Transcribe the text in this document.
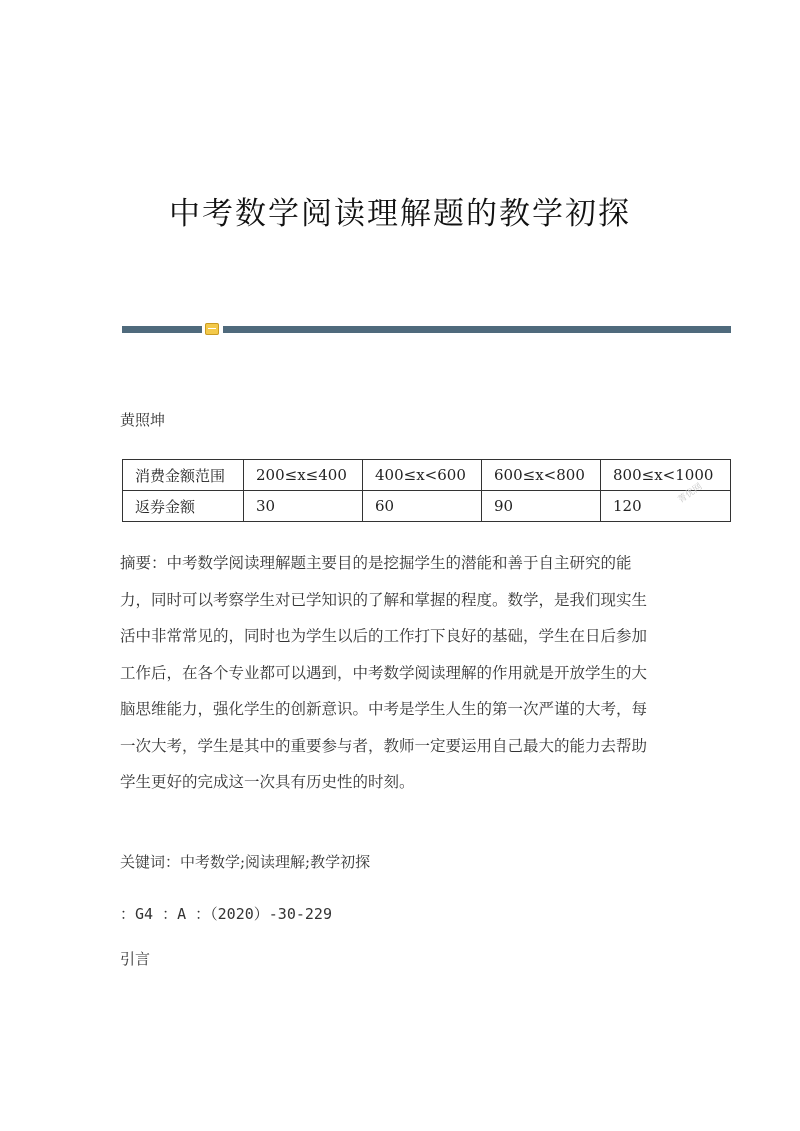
中考数学阅读理解题的教学初探
黄照坤
消费金额范围	200≤x≤400	400≤x<600	600≤x<800	800≤x<1000
返券金额	30	60	90	120
菁优网
摘要：中考数学阅读理解题主要目的是挖掘学生的潜能和善于自主研究的能
力，同时可以考察学生对已学知识的了解和掌握的程度。数学，是我们现实生
活中非常常见的，同时也为学生以后的工作打下良好的基础，学生在日后参加
工作后，在各个专业都可以遇到，中考数学阅读理解的作用就是开放学生的大
脑思维能力，强化学生的创新意识。中考是学生人生的第一次严谨的大考，每
一次大考，学生是其中的重要参与者，教师一定要运用自己最大的能力去帮助
学生更好的完成这一次具有历史性的时刻。
关键词：中考数学;阅读理解;教学初探
：G4 ：A ：（2020）-30-229
引言
